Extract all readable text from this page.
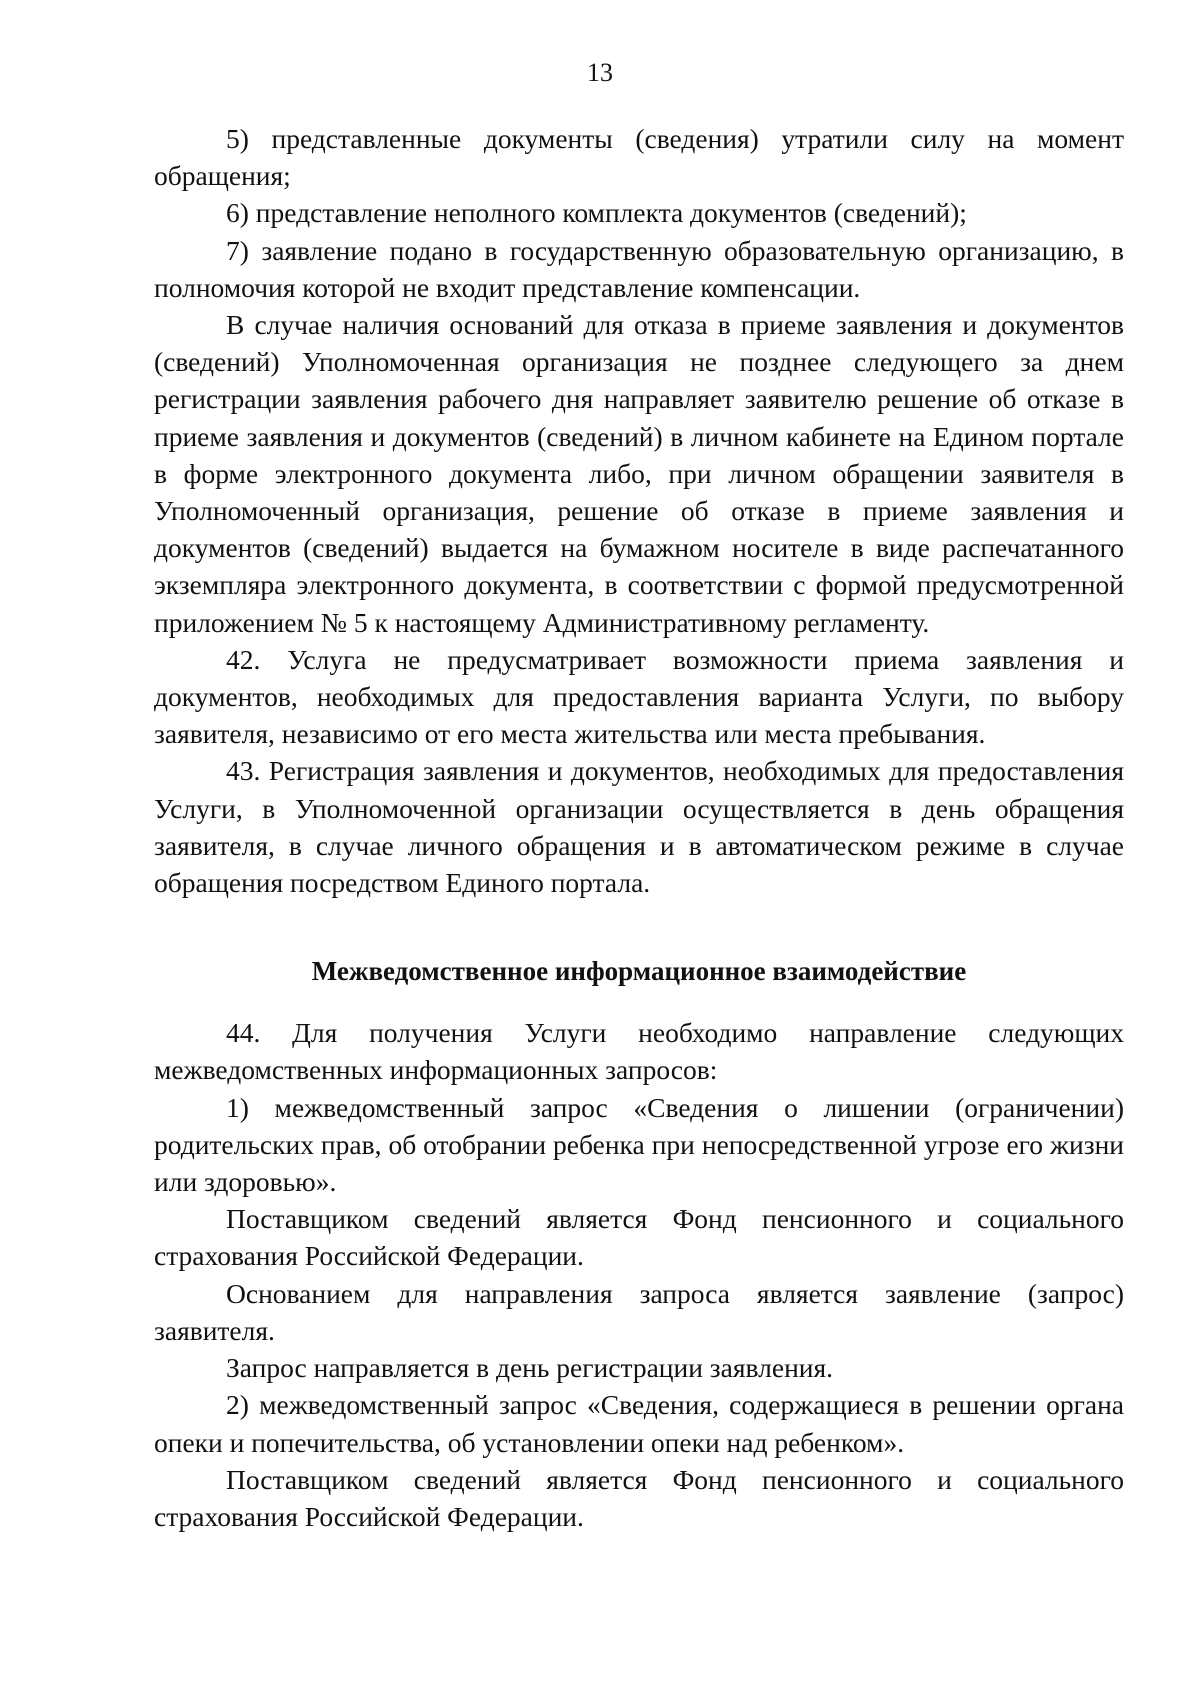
13

5) представленные документы (сведения) утратили силу на момент обращения;

6) представление неполного комплекта документов (сведений);

7) заявление подано в государственную образовательную организацию, в полномочия которой не входит представление компенсации.

В случае наличия оснований для отказа в приеме заявления и документов (сведений) Уполномоченная организация не позднее следующего за днем регистрации заявления рабочего дня направляет заявителю решение об отказе в приеме заявления и документов (сведений) в личном кабинете на Едином портале в форме электронного документа либо, при личном обращении заявителя в Уполномоченный организация, решение об отказе в приеме заявления и документов (сведений) выдается на бумажном носителе в виде распечатанного экземпляра электронного документа, в соответствии с формой предусмотренной приложением № 5 к настоящему Административному регламенту.

42. Услуга не предусматривает возможности приема заявления и документов, необходимых для предоставления варианта Услуги, по выбору заявителя, независимо от его места жительства или места пребывания.

43. Регистрация заявления и документов, необходимых для предоставления Услуги, в Уполномоченной организации осуществляется в день обращения заявителя, в случае личного обращения и в автоматическом режиме в случае обращения посредством Единого портала.

Межведомственное информационное взаимодействие

44. Для получения Услуги необходимо направление следующих межведомственных информационных запросов:

1) межведомственный запрос «Сведения о лишении (ограничении) родительских прав, об отобрании ребенка при непосредственной угрозе его жизни или здоровью».

Поставщиком сведений является Фонд пенсионного и социального страхования Российской Федерации.

Основанием для направления запроса является заявление (запрос) заявителя.

Запрос направляется в день регистрации заявления.

2) межведомственный запрос «Сведения, содержащиеся в решении органа опеки и попечительства, об установлении опеки над ребенком».

Поставщиком сведений является Фонд пенсионного и социального страхования Российской Федерации.
